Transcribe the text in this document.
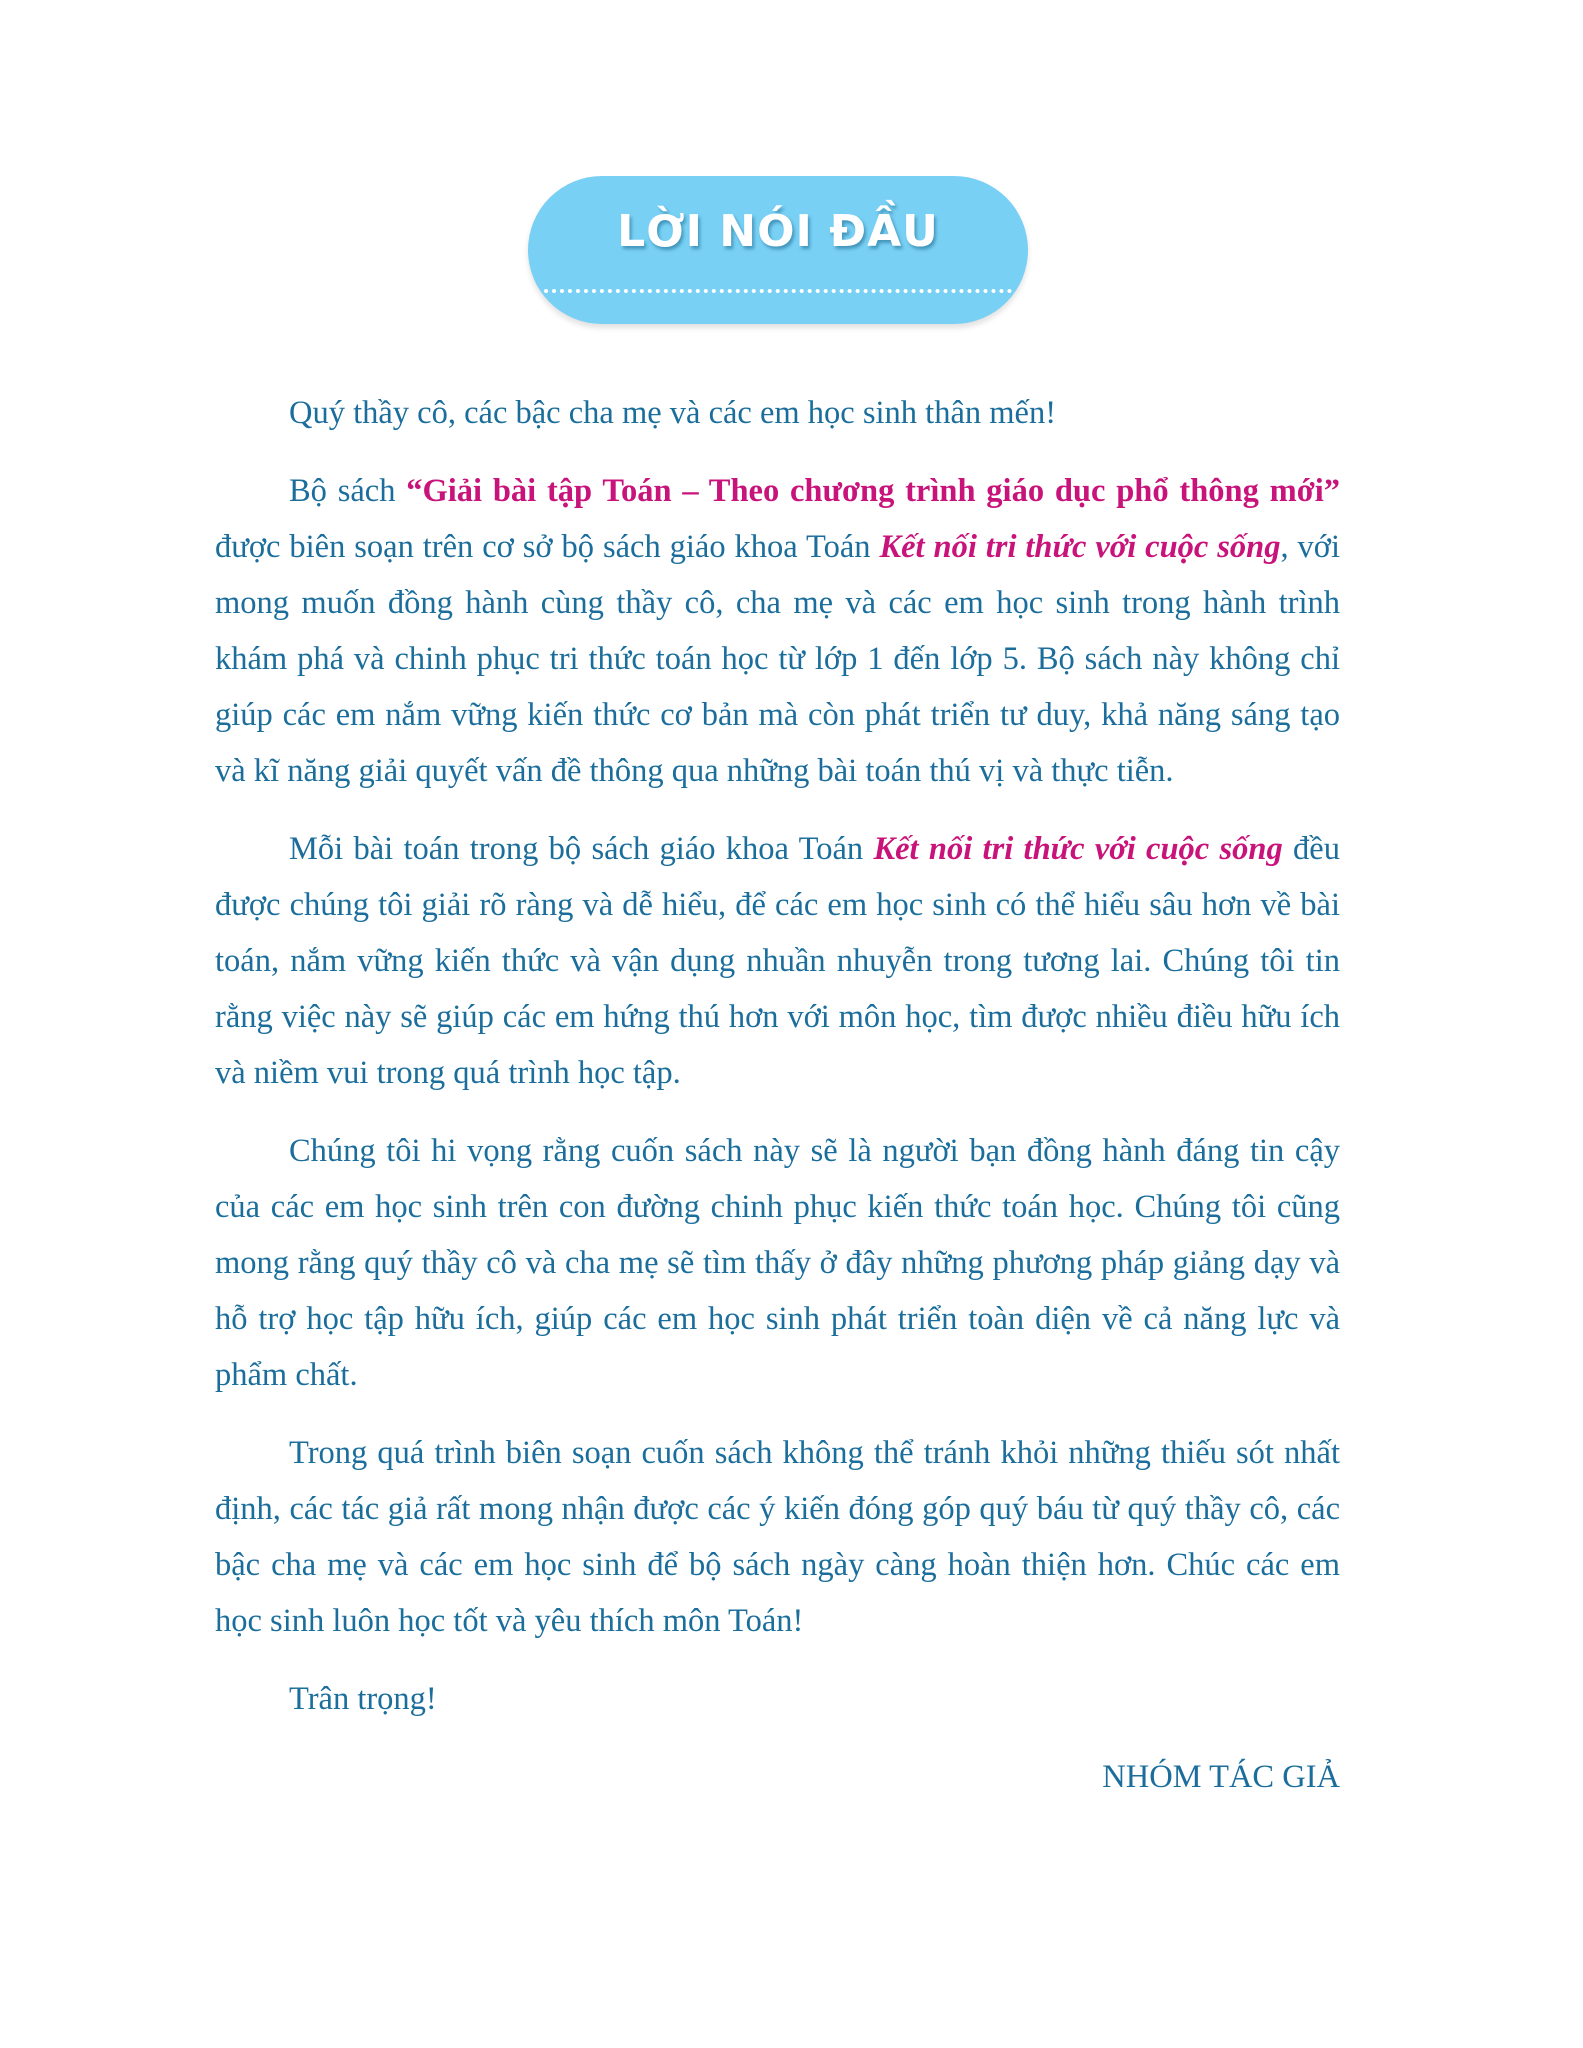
LỜI NÓI ĐẦU

Quý thầy cô, các bậc cha mẹ và các em học sinh thân mến!

Bộ sách “Giải bài tập Toán – Theo chương trình giáo dục phổ thông mới” được biên soạn trên cơ sở bộ sách giáo khoa Toán Kết nối tri thức với cuộc sống, với mong muốn đồng hành cùng thầy cô, cha mẹ và các em học sinh trong hành trình khám phá và chinh phục tri thức toán học từ lớp 1 đến lớp 5. Bộ sách này không chỉ giúp các em nắm vững kiến thức cơ bản mà còn phát triển tư duy, khả năng sáng tạo và kĩ năng giải quyết vấn đề thông qua những bài toán thú vị và thực tiễn.

Mỗi bài toán trong bộ sách giáo khoa Toán Kết nối tri thức với cuộc sống đều được chúng tôi giải rõ ràng và dễ hiểu, để các em học sinh có thể hiểu sâu hơn về bài toán, nắm vững kiến thức và vận dụng nhuần nhuyễn trong tương lai. Chúng tôi tin rằng việc này sẽ giúp các em hứng thú hơn với môn học, tìm được nhiều điều hữu ích và niềm vui trong quá trình học tập.

Chúng tôi hi vọng rằng cuốn sách này sẽ là người bạn đồng hành đáng tin cậy của các em học sinh trên con đường chinh phục kiến thức toán học. Chúng tôi cũng mong rằng quý thầy cô và cha mẹ sẽ tìm thấy ở đây những phương pháp giảng dạy và hỗ trợ học tập hữu ích, giúp các em học sinh phát triển toàn diện về cả năng lực và phẩm chất.

Trong quá trình biên soạn cuốn sách không thể tránh khỏi những thiếu sót nhất định, các tác giả rất mong nhận được các ý kiến đóng góp quý báu từ quý thầy cô, các bậc cha mẹ và các em học sinh để bộ sách ngày càng hoàn thiện hơn. Chúc các em học sinh luôn học tốt và yêu thích môn Toán!

Trân trọng!

NHÓM TÁC GIẢ
